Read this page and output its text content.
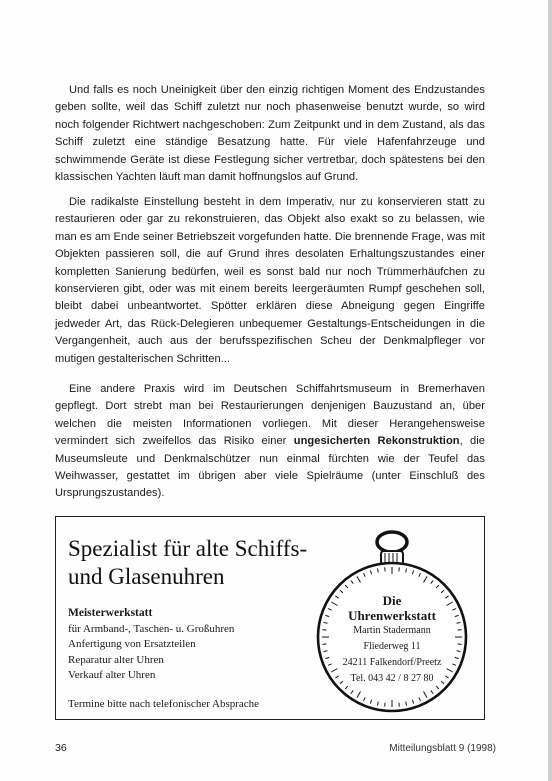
Und falls es noch Uneinigkeit über den einzig richtigen Moment des Endzustandes geben sollte, weil das Schiff zuletzt nur noch phasenweise benutzt wurde, so wird noch folgender Richtwert nachgeschoben: Zum Zeitpunkt und in dem Zustand, als das Schiff zuletzt eine ständige Besatzung hatte. Für viele Hafenfahrzeuge und schwimmende Geräte ist diese Festlegung sicher vertretbar, doch spätestens bei den klassischen Yachten läuft man damit hoffnungslos auf Grund.

Die radikalste Einstellung besteht in dem Imperativ, nur zu konservieren statt zu restaurieren oder gar zu rekonstruieren, das Objekt also exakt so zu belassen, wie man es am Ende seiner Betriebszeit vorgefunden hatte. Die brennende Frage, was mit Objekten passieren soll, die auf Grund ihres desolaten Erhaltungszustandes einer kompletten Sanierung bedürfen, weil es sonst bald nur noch Trümmerhäufchen zu konservieren gibt, oder was mit einem bereits leergeräumten Rumpf geschehen soll, bleibt dabei unbeantwortet. Spötter erklären diese Abneigung gegen Eingriffe jedweder Art, das Rück-Delegieren unbequemer Gestaltungs-Entscheidungen in die Vergangenheit, auch aus der berufsspezifischen Scheu der Denkmalpfleger vor mutigen gestalterischen Schritten...

Eine andere Praxis wird im Deutschen Schiffahrtsmuseum in Bremerhaven gepflegt. Dort strebt man bei Restaurierungen denjenigen Bauzustand an, über welchen die meisten Informationen vorliegen. Mit dieser Herangehensweise vermindert sich zweifellos das Risiko einer ungesicherten Rekonstruktion, die Museumsleute und Denkmalschützer nun einmal fürchten wie der Teufel das Weihwasser, gestattet im übrigen aber viele Spielräume (unter Einschluß des Ursprungszustandes).

Spezialist für alte Schiffs-
und Glasenuhren
Meisterwerkstatt
für Armband-, Taschen- u. Großuhren
Anfertigung von Ersatzteilen
Reparatur alter Uhren
Verkauf alter Uhren
Termine bitte nach telefonischer Absprache
Die
Uhrenwerkstatt
Martin Stadermann
Fliederweg 11
24211 Falkendorf/Preetz
Tel. 043 42 / 8 27 80
36	Mitteilungsblatt 9 (1998)
